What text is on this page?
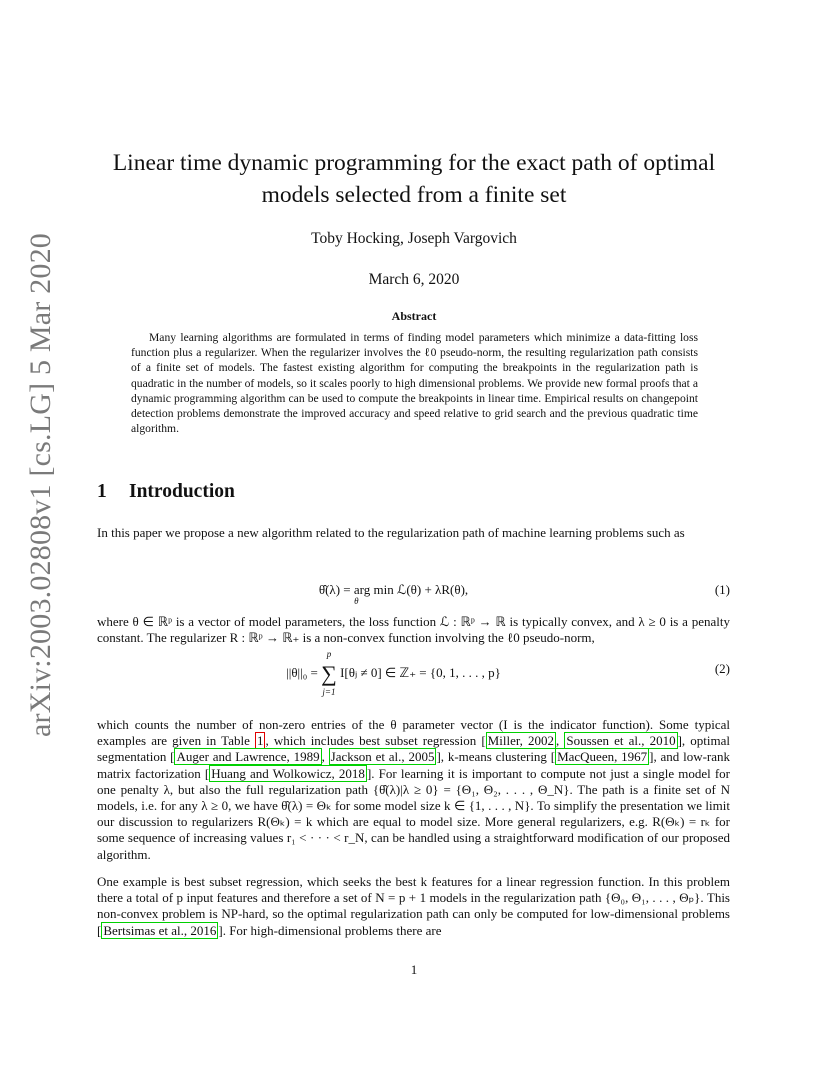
arXiv:2003.02808v1 [cs.LG] 5 Mar 2020
Linear time dynamic programming for the exact path of optimal
models selected from a finite set
Toby Hocking, Joseph Vargovich
March 6, 2020
Abstract
Many learning algorithms are formulated in terms of finding model parameters which minimize a data-fitting loss function plus a regularizer. When the regularizer involves the ℓ0 pseudo-norm, the resulting regularization path consists of a finite set of models. The fastest existing algorithm for computing the breakpoints in the regularization path is quadratic in the number of models, so it scales poorly to high dimensional problems. We provide new formal proofs that a dynamic programming algorithm can be used to compute the breakpoints in linear time. Empirical results on changepoint detection problems demonstrate the improved accuracy and speed relative to grid search and the previous quadratic time algorithm.
1 Introduction
In this paper we propose a new algorithm related to the regularization path of machine learning problems such as
θ̂(λ) = arg min
θ
ℒ(θ) + λR(θ),	(1)
where θ ∈ ℝᵖ is a vector of model parameters, the loss function ℒ : ℝᵖ → ℝ is typically convex, and λ ≥ 0 is a penalty constant. The regularizer R : ℝᵖ → ℝ₊ is a non-convex function involving the ℓ0 pseudo-norm,
||θ||₀ = ∑
p
j=1
I[θⱼ ≠ 0] ∈ ℤ₊ = {0, 1, . . . , p}	(2)
which counts the number of non-zero entries of the θ parameter vector (I is the indicator function). Some typical examples are given in Table 1 , which includes best subset regression [ Miller, 2002 , Soussen et al., 2010 ], optimal segmentation [ Auger and Lawrence, 1989 , Jackson et al., 2005 ], k-means clustering [ MacQueen, 1967 ], and low-rank matrix factorization [ Huang and Wolkowicz, 2018 ]. For learning it is important to compute not just a single model for one penalty λ, but also the full regularization path {θ̂(λ)|λ ≥ 0} = {Θ₁, Θ₂, . . . , Θ_N}. The path is a finite set of N models, i.e. for any λ ≥ 0, we have θ̂(λ) = Θₖ for some model size k ∈ {1, . . . , N}. To simplify the presentation we limit our discussion to regularizers R(Θₖ) = k which are equal to model size. More general regularizers, e.g. R(Θₖ) = rₖ for some sequence of increasing values r₁ < · · · < r_N, can be handled using a straightforward modification of our proposed algorithm.
One example is best subset regression, which seeks the best k features for a linear regression function. In this problem there a total of p input features and therefore a set of N = p + 1 models in the regularization path {Θ₀, Θ₁, . . . , Θₚ}. This non-convex problem is NP-hard, so the optimal regularization path can only be computed for low-dimensional problems [ Bertsimas et al., 2016 ]. For high-dimensional problems there are
1
